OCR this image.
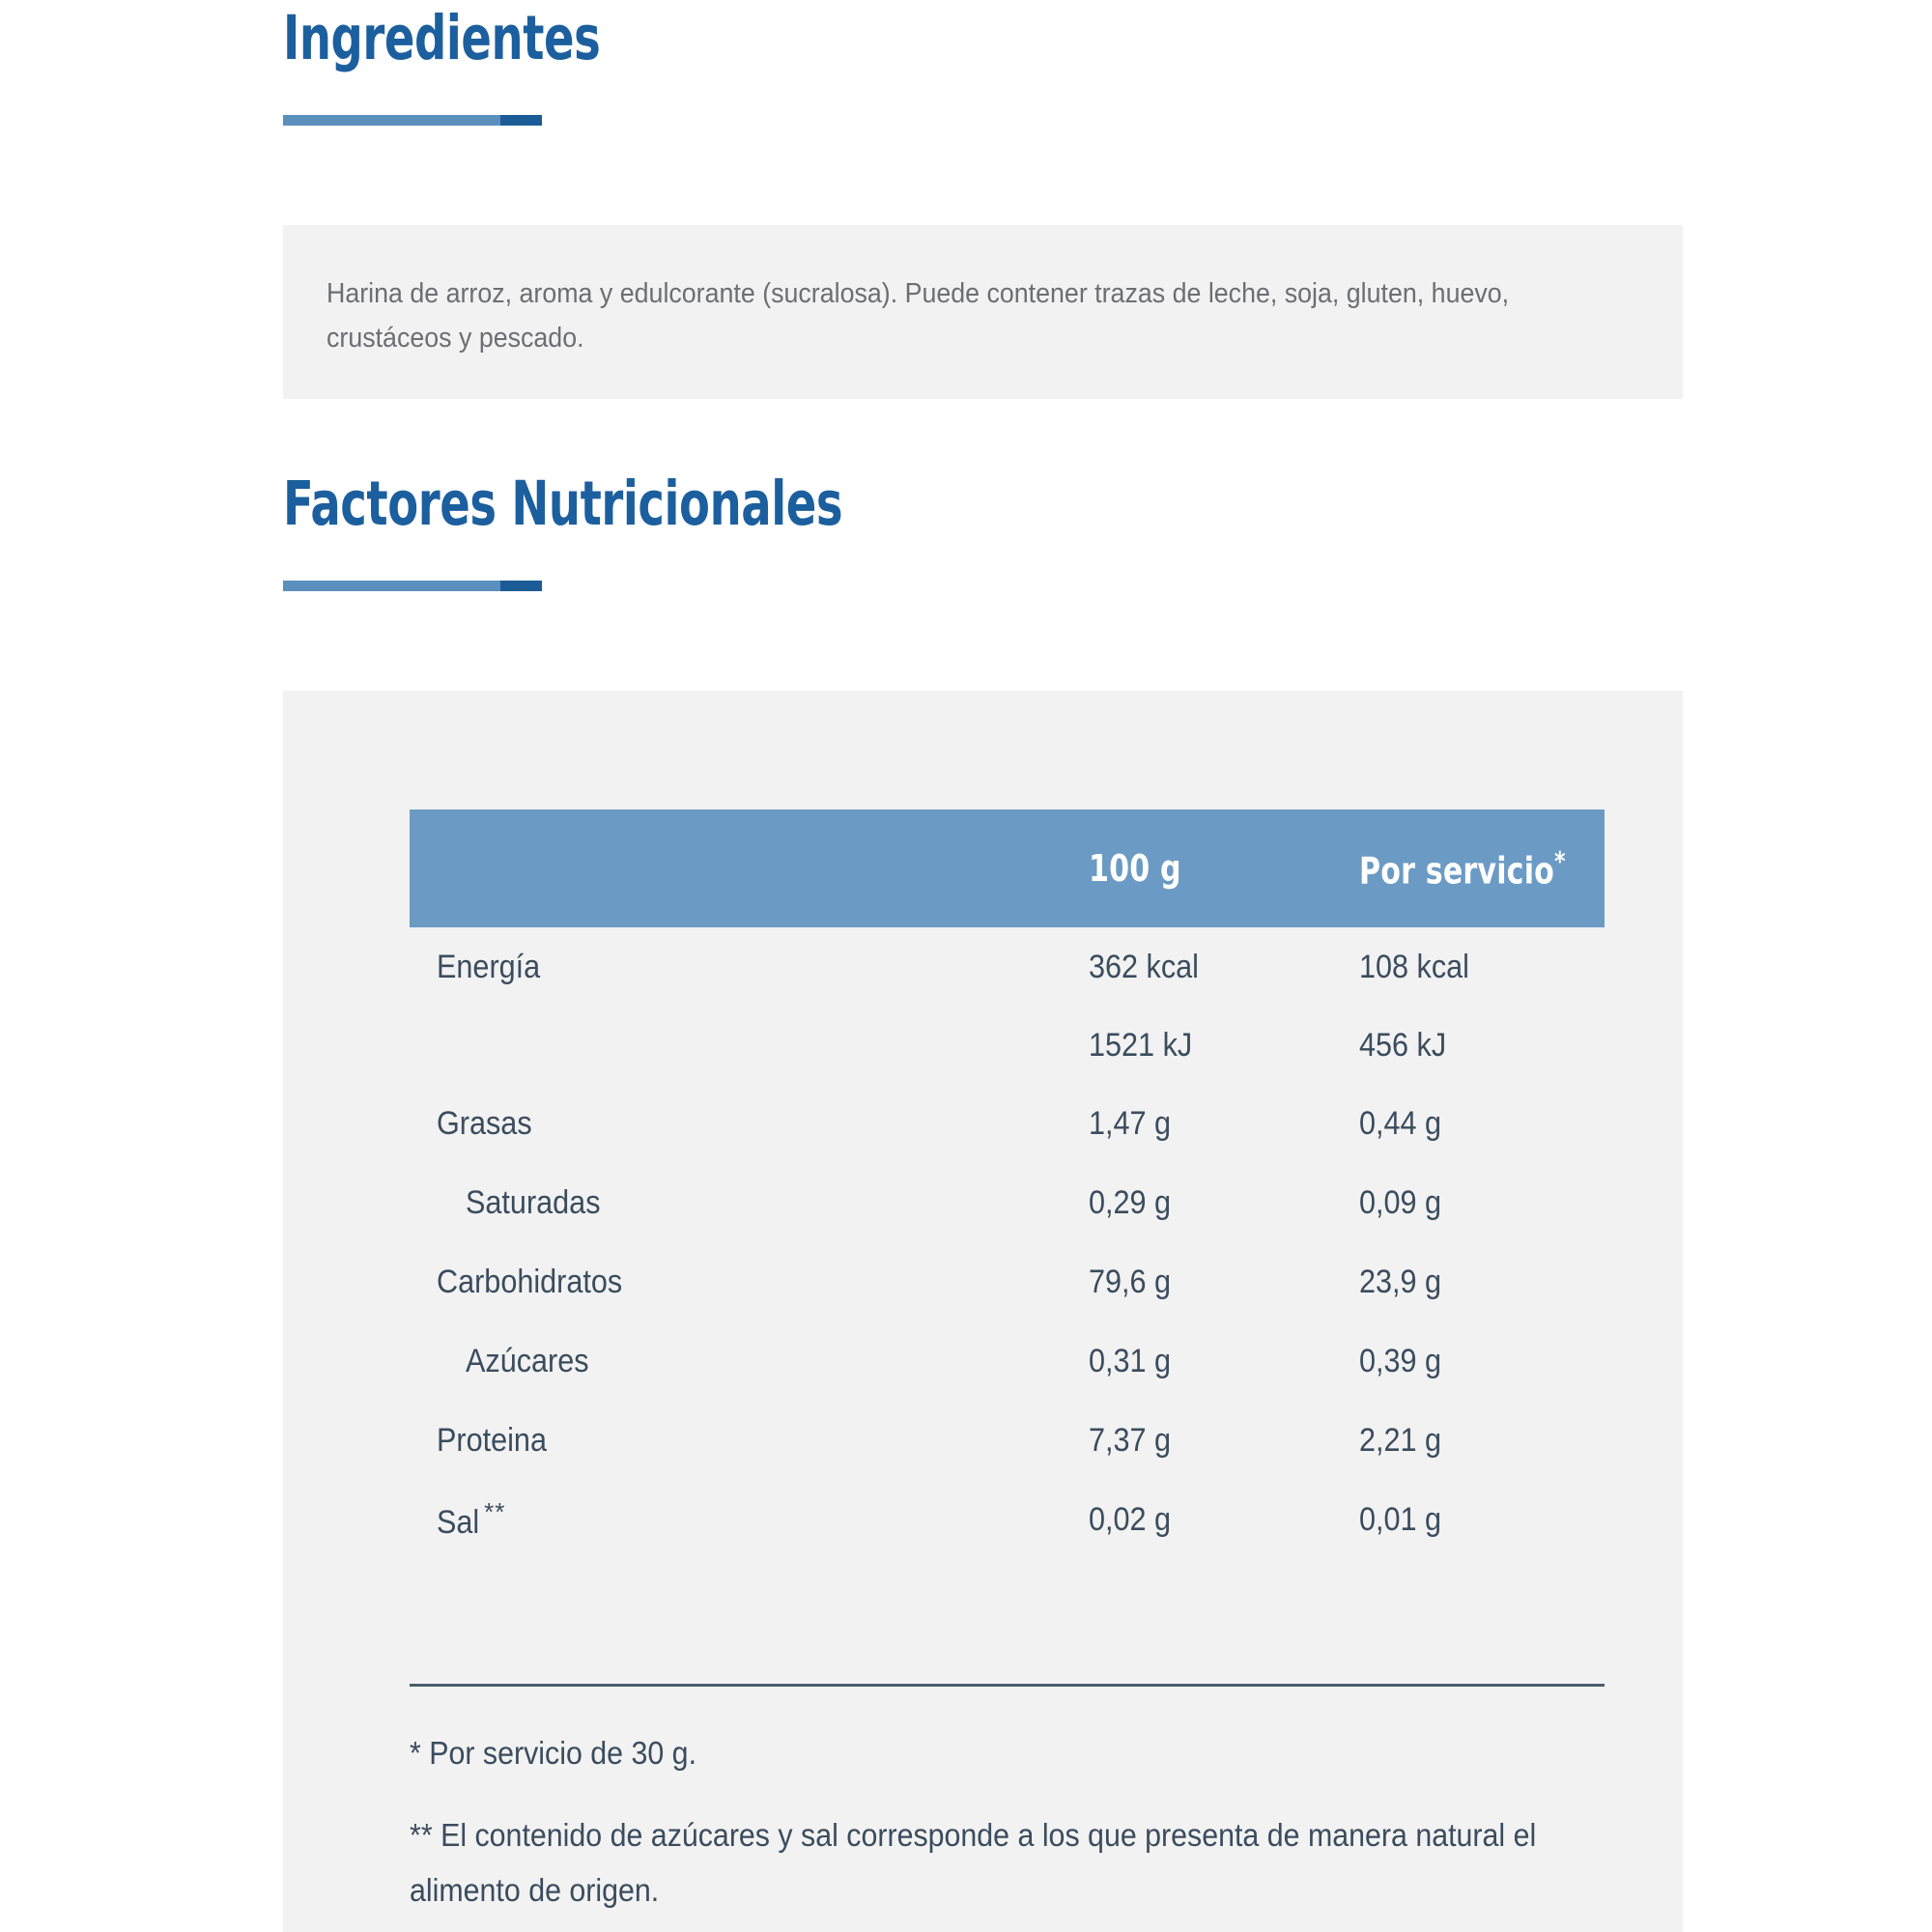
Ingredientes
Harina de arroz, aroma y edulcorante (sucralosa). Puede contener trazas de leche, soja, gluten, huevo, crustáceos y pescado.
Factores Nutricionales
	100 g	Por servicio*
Energía	362 kcal	108 kcal
	1521 kJ	456 kJ
Grasas	1,47 g	0,44 g
Saturadas	0,29 g	0,09 g
Carbohidratos	79,6 g	23,9 g
Azúcares	0,31 g	0,39 g
Proteina	7,37 g	2,21 g
Sal **	0,02 g	0,01 g
* Por servicio de 30 g.
** El contenido de azúcares y sal corresponde a los que presenta de manera natural el alimento de origen.
